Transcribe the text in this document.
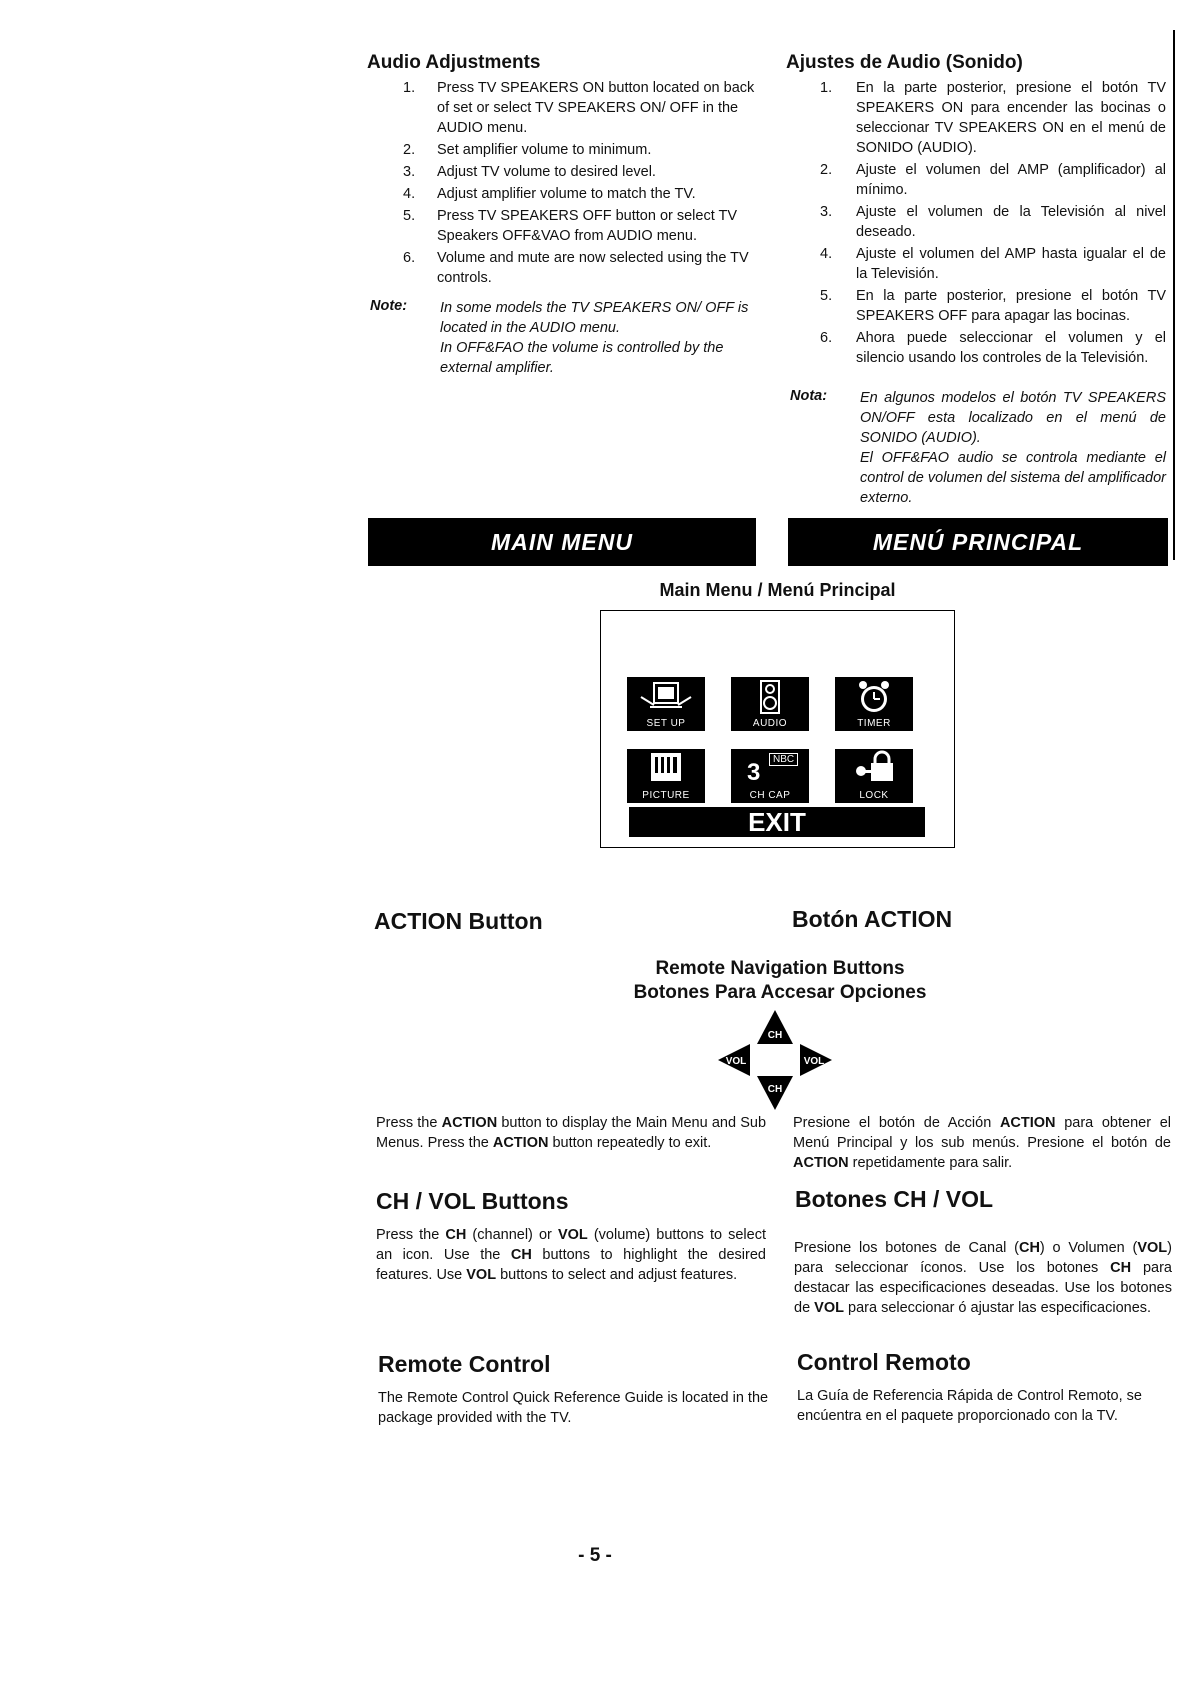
Audio Adjustments
1. Press TV SPEAKERS ON button located on back of set or select TV SPEAKERS ON/ OFF in the AUDIO menu.
2. Set amplifier volume to minimum.
3. Adjust TV volume to desired level.
4. Adjust amplifier volume to match the TV.
5. Press TV SPEAKERS OFF button or select TV Speakers OFF&VAO from AUDIO menu.
6. Volume and mute are now selected using the TV controls.
Note: In some models the TV SPEAKERS ON/ OFF is located in the AUDIO menu.

In OFF&FAO the volume is controlled by the external amplifier.

Ajustes de Audio (Sonido)
1. En la parte posterior, presione el botón TV SPEAKERS ON para encender las bocinas o seleccionar TV SPEAKERS ON en el menú de SONIDO (AUDIO).
2. Ajuste el volumen del AMP (amplificador) al mínimo.
3. Ajuste el volumen de la Televisión al nivel deseado.
4. Ajuste el volumen del AMP hasta igualar el de la Televisión.
5. En la parte posterior, presione el botón TV SPEAKERS OFF para apagar las bocinas.
6. Ahora puede seleccionar el volumen y el silencio usando los controles de la Televisión.
Nota: En algunos modelos el botón TV SPEAKERS ON/OFF esta localizado en el menú de SONIDO (AUDIO).

El OFF&FAO audio se controla mediante el control de volumen del sistema del amplificador externo.

MAIN MENU	MENÚ PRINCIPAL
Main Menu / Menú Principal
SET UP	AUDIO	TIMER
PICTURE
3	NBC
CH CAP	LOCK
EXIT
ACTION Button	Botón ACTION
Remote Navigation Buttons
Botones Para Accesar Opciones
CH
VOL	VOL
CH
Press the ACTION button to display the Main Menu and Sub Menus. Press the ACTION button repeatedly to exit.
Presione el botón de Acción ACTION para obtener el Menú Principal y los sub menús. Presione el botón de ACTION repetidamente para salir.
CH / VOL Buttons	Botones CH / VOL
Press the CH (channel) or VOL (volume) buttons to select an icon. Use the CH buttons to highlight the desired features. Use VOL buttons to select and adjust features.
Presione los botones de Canal (CH) o Volumen (VOL) para seleccionar íconos. Use los botones CH para destacar las especificaciones deseadas. Use los botones de VOL para seleccionar ó ajustar las especificaciones.
Remote Control	Control Remoto
The Remote Control Quick Reference Guide is located in the package provided with the TV.
La Guía de Referencia Rápida de Control Remoto, se encúentra en el paquete proporcionado con la TV.
- 5 -
